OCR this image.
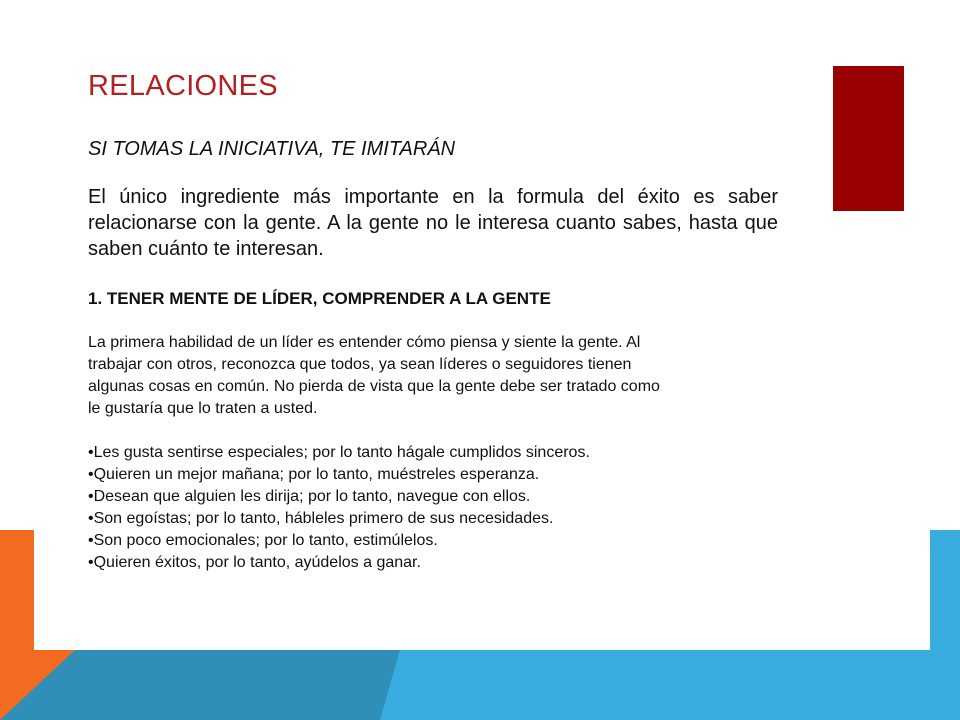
RELACIONES

SI TOMAS LA INICIATIVA, TE IMITARÁN

El único ingrediente más importante en la formula del éxito es saber relacionarse con la gente. A la gente no le interesa cuanto sabes, hasta que saben cuánto te interesan.

1. TENER MENTE DE LÍDER, COMPRENDER A LA GENTE

La primera habilidad de un líder es entender cómo piensa y siente la gente. Al
trabajar con otros, reconozca que todos, ya sean líderes o seguidores tienen
algunas cosas en común. No pierda de vista que la gente debe ser tratado como
le gustaría que lo traten a usted.

•Les gusta sentirse especiales; por lo tanto hágale cumplidos sinceros.
•Quieren un mejor mañana; por lo tanto, muéstreles esperanza.
•Desean que alguien les dirija; por lo tanto, navegue con ellos.
•Son egoístas; por lo tanto, hábleles primero de sus necesidades.
•Son poco emocionales; por lo tanto, estimúlelos.
•Quieren éxitos, por lo tanto, ayúdelos a ganar.
